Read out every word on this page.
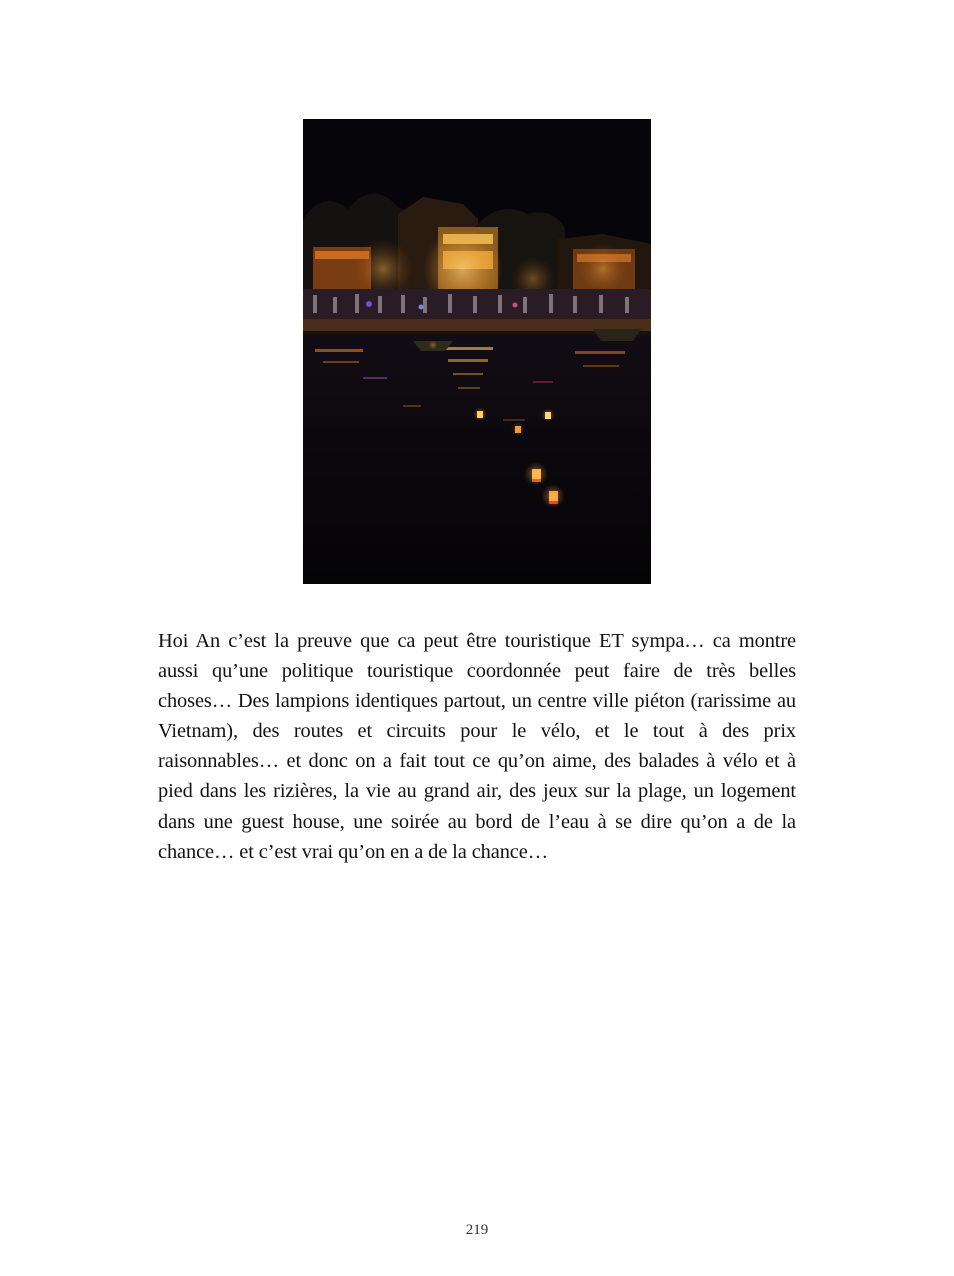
Hoi An c’est la preuve que ca peut être touristique ET sympa… ca montre aussi qu’une politique touristique coordonnée peut faire de très belles choses… Des lampions identiques partout, un centre ville piéton (rarissime au Vietnam), des routes et circuits pour le vélo, et le tout à des prix raisonnables… et donc on a fait tout ce qu’on aime, des balades à vélo et à pied dans les rizières, la vie au grand air, des jeux sur la plage, un logement dans une guest house, une soirée au bord de l’eau à se dire qu’on a de la chance… et c’est vrai qu’on en a de la chance…

219
